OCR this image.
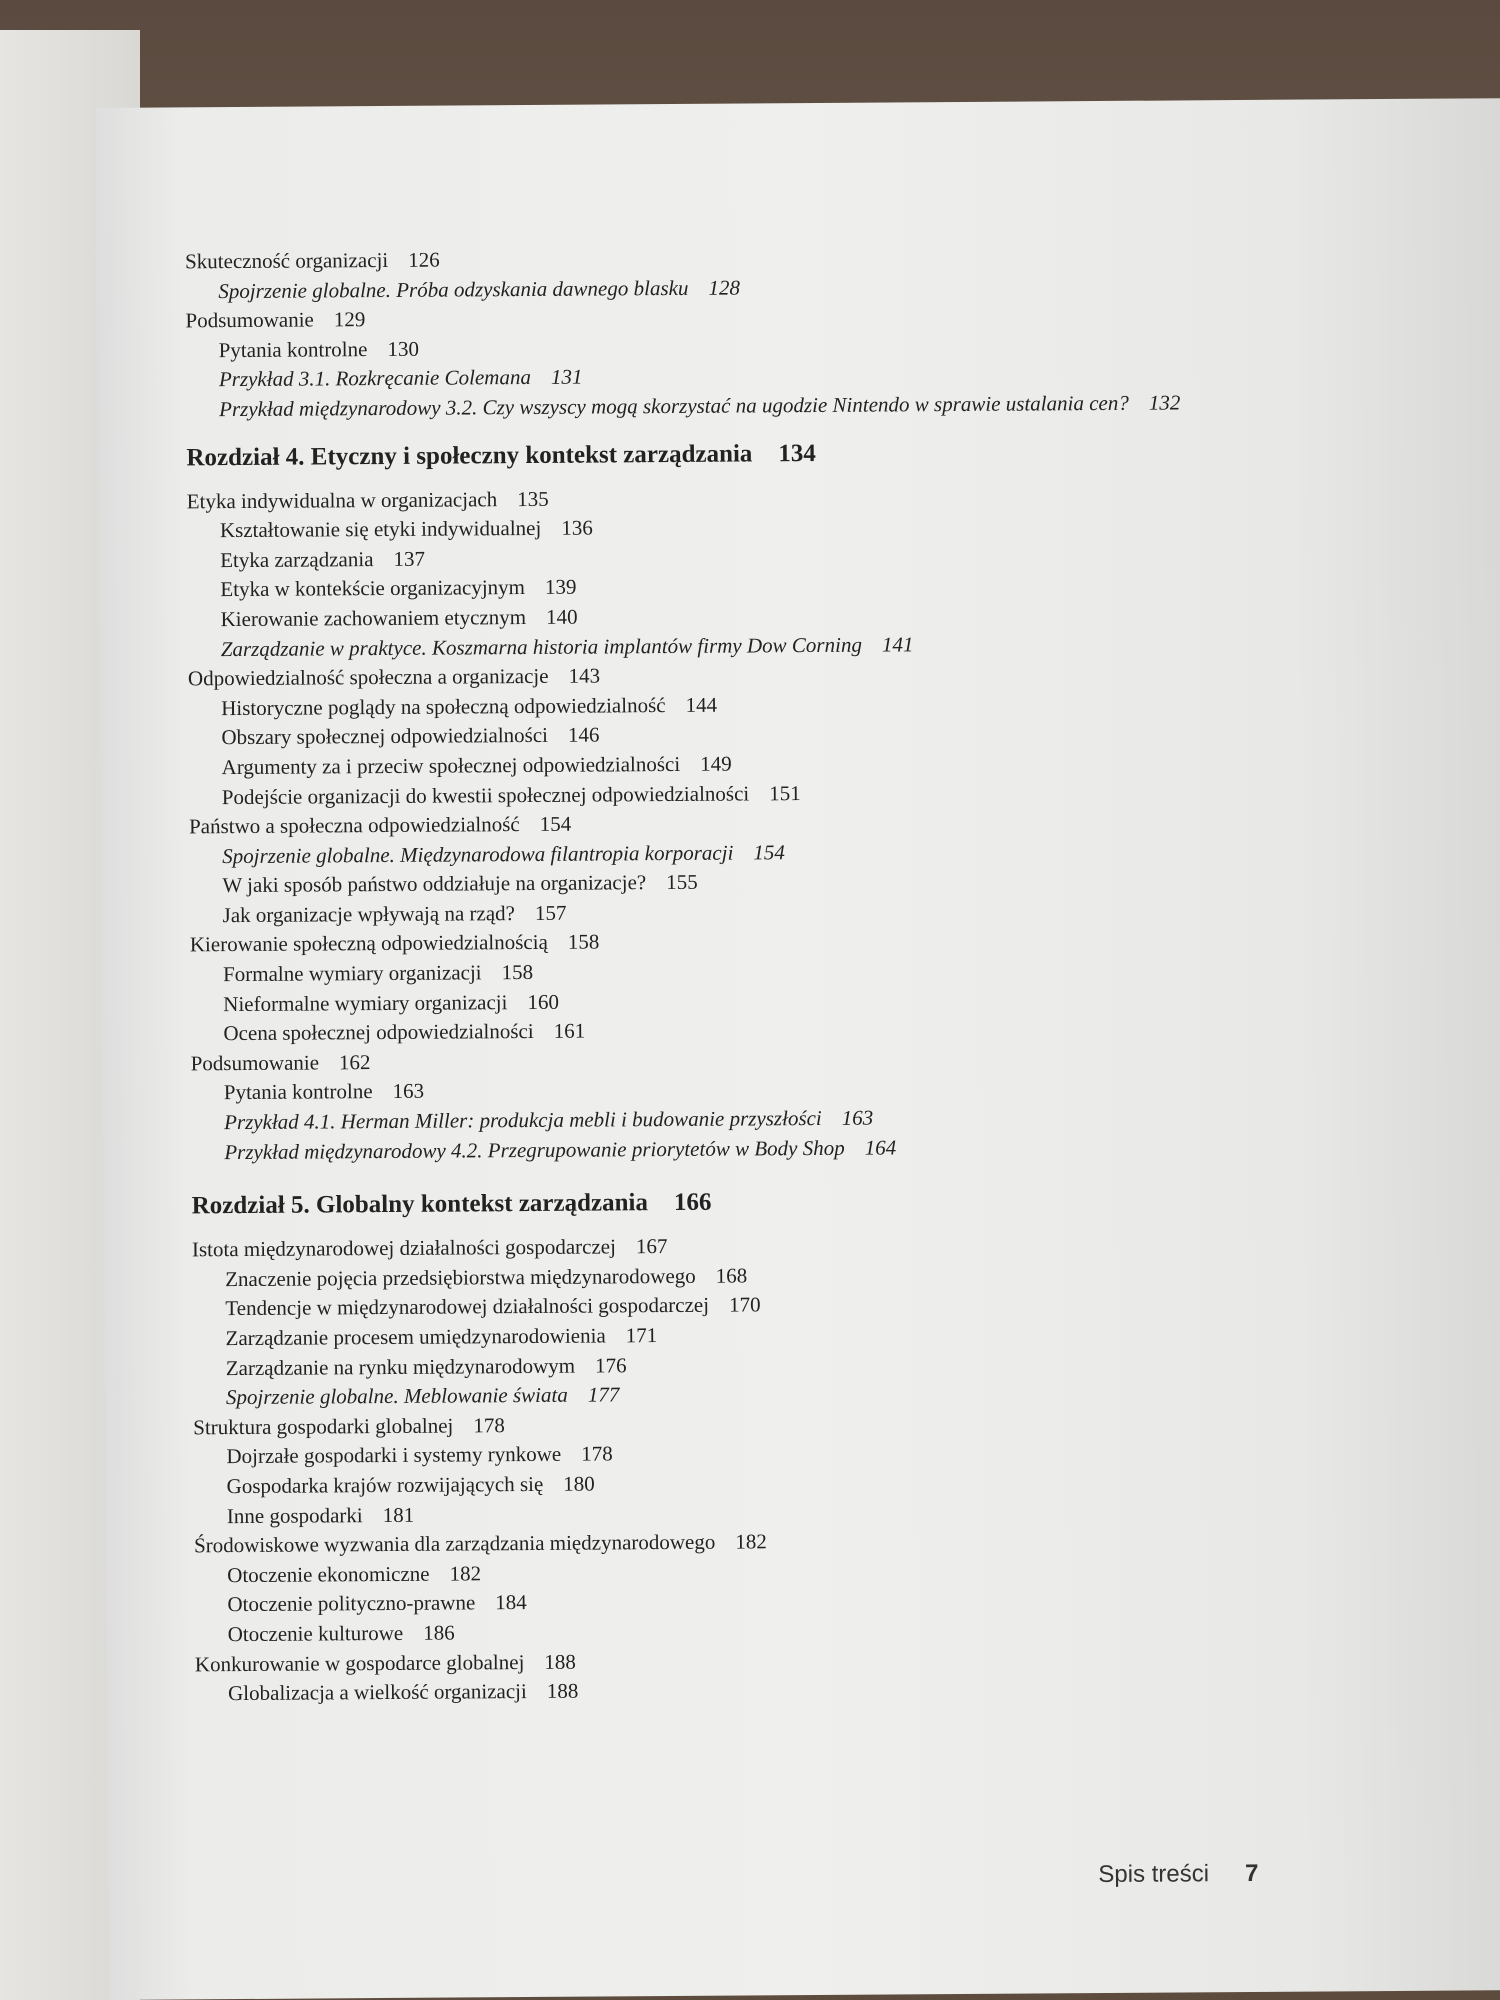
Skuteczność organizacji 126
Spojrzenie globalne. Próba odzyskania dawnego blasku 128
Podsumowanie 129
Pytania kontrolne 130
Przykład 3.1. Rozkręcanie Colemana 131
Przykład międzynarodowy 3.2. Czy wszyscy mogą skorzystać na ugodzie Nintendo w sprawie ustalania cen? 132
Rozdział 4. Etyczny i społeczny kontekst zarządzania 134
Etyka indywidualna w organizacjach 135
Kształtowanie się etyki indywidualnej 136
Etyka zarządzania 137
Etyka w kontekście organizacyjnym 139
Kierowanie zachowaniem etycznym 140
Zarządzanie w praktyce. Koszmarna historia implantów firmy Dow Corning 141
Odpowiedzialność społeczna a organizacje 143
Historyczne poglądy na społeczną odpowiedzialność 144
Obszary społecznej odpowiedzialności 146
Argumenty za i przeciw społecznej odpowiedzialności 149
Podejście organizacji do kwestii społecznej odpowiedzialności 151
Państwo a społeczna odpowiedzialność 154
Spojrzenie globalne. Międzynarodowa filantropia korporacji 154
W jaki sposób państwo oddziałuje na organizacje? 155
Jak organizacje wpływają na rząd? 157
Kierowanie społeczną odpowiedzialnością 158
Formalne wymiary organizacji 158
Nieformalne wymiary organizacji 160
Ocena społecznej odpowiedzialności 161
Podsumowanie 162
Pytania kontrolne 163
Przykład 4.1. Herman Miller: produkcja mebli i budowanie przyszłości 163
Przykład międzynarodowy 4.2. Przegrupowanie priorytetów w Body Shop 164
Rozdział 5. Globalny kontekst zarządzania 166
Istota międzynarodowej działalności gospodarczej 167
Znaczenie pojęcia przedsiębiorstwa międzynarodowego 168
Tendencje w międzynarodowej działalności gospodarczej 170
Zarządzanie procesem umiędzynarodowienia 171
Zarządzanie na rynku międzynarodowym 176
Spojrzenie globalne. Meblowanie świata 177
Struktura gospodarki globalnej 178
Dojrzałe gospodarki i systemy rynkowe 178
Gospodarka krajów rozwijających się 180
Inne gospodarki 181
Środowiskowe wyzwania dla zarządzania międzynarodowego 182
Otoczenie ekonomiczne 182
Otoczenie polityczno-prawne 184
Otoczenie kulturowe 186
Konkurowanie w gospodarce globalnej 188
Globalizacja a wielkość organizacji 188
Spis treści 7
